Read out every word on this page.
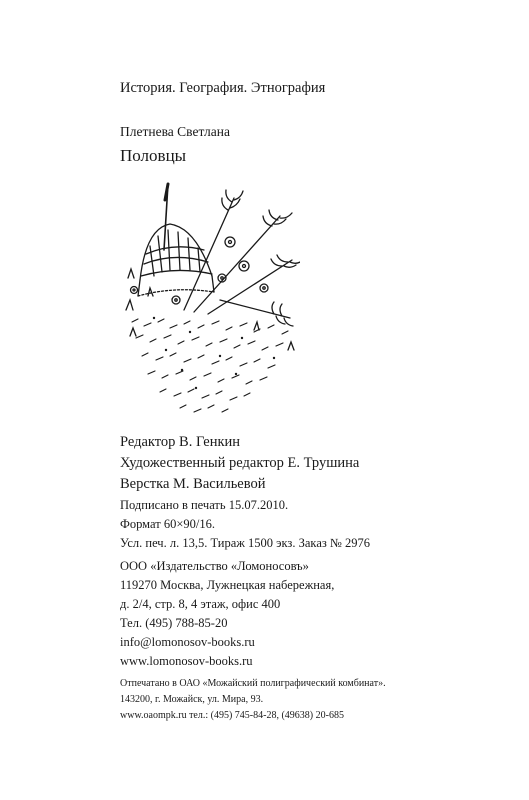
История. География. Этнография

Плетнева Светлана

Половцы

Редактор В. Генкин

Художественный редактор Е. Трушина

Верстка М. Васильевой

Подписано в печать 15.07.2010.

Формат 60×90/16.

Усл. печ. л. 13,5. Тираж 1500 экз. Заказ № 2976

ООО «Издательство «Ломоносовъ»

119270 Москва, Лужнецкая набережная,

д. 2/4, стр. 8, 4 этаж, офис 400

Тел. (495) 788-85-20

info@lomonosov-books.ru

www.lomonosov-books.ru

Отпечатано в ОАО «Можайский полиграфический комбинат».

143200, г. Можайск, ул. Мира, 93.

www.oaompk.ru тел.: (495) 745-84-28, (49638) 20-685
